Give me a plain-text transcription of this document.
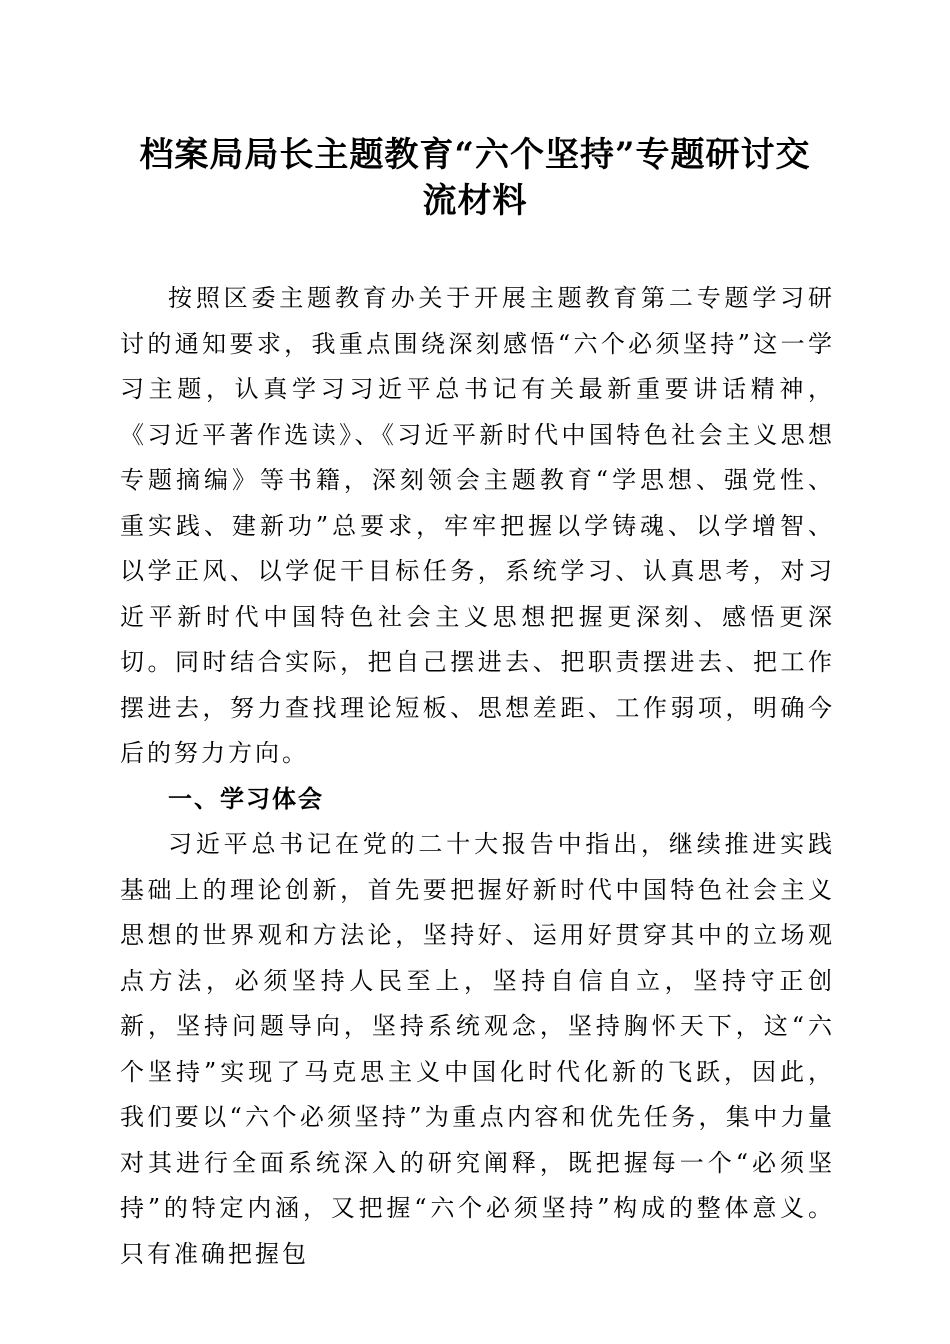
档案局局长主题教育“六个坚持”专题研讨交
流材料

按照区委主题教育办关于开展主题教育第二专题学习研讨的通知要求，我重点围绕深刻感悟“六个必须坚持”这一学习主题，认真学习习近平总书记有关最新重要讲话精神，《习近平著作选读》、《习近平新时代中国特色社会主义思想专题摘编》等书籍，深刻领会主题教育“学思想、强党性、重实践、建新功”总要求，牢牢把握以学铸魂、以学增智、以学正风、以学促干目标任务，系统学习、认真思考，对习近平新时代中国特色社会主义思想把握更深刻、感悟更深切。同时结合实际，把自己摆进去、把职责摆进去、把工作摆进去，努力查找理论短板、思想差距、工作弱项，明确今后的努力方向。

一、学习体会

习近平总书记在党的二十大报告中指出，继续推进实践基础上的理论创新，首先要把握好新时代中国特色社会主义思想的世界观和方法论，坚持好、运用好贯穿其中的立场观点方法，必须坚持人民至上，坚持自信自立，坚持守正创新，坚持问题导向，坚持系统观念，坚持胸怀天下，这“六个坚持”实现了马克思主义中国化时代化新的飞跃，因此，我们要以“六个必须坚持”为重点内容和优先任务，集中力量对其进行全面系统深入的研究阐释，既把握每一个“必须坚持”的特定内涵，又把握“六个必须坚持”构成的整体意义。只有准确把握包
